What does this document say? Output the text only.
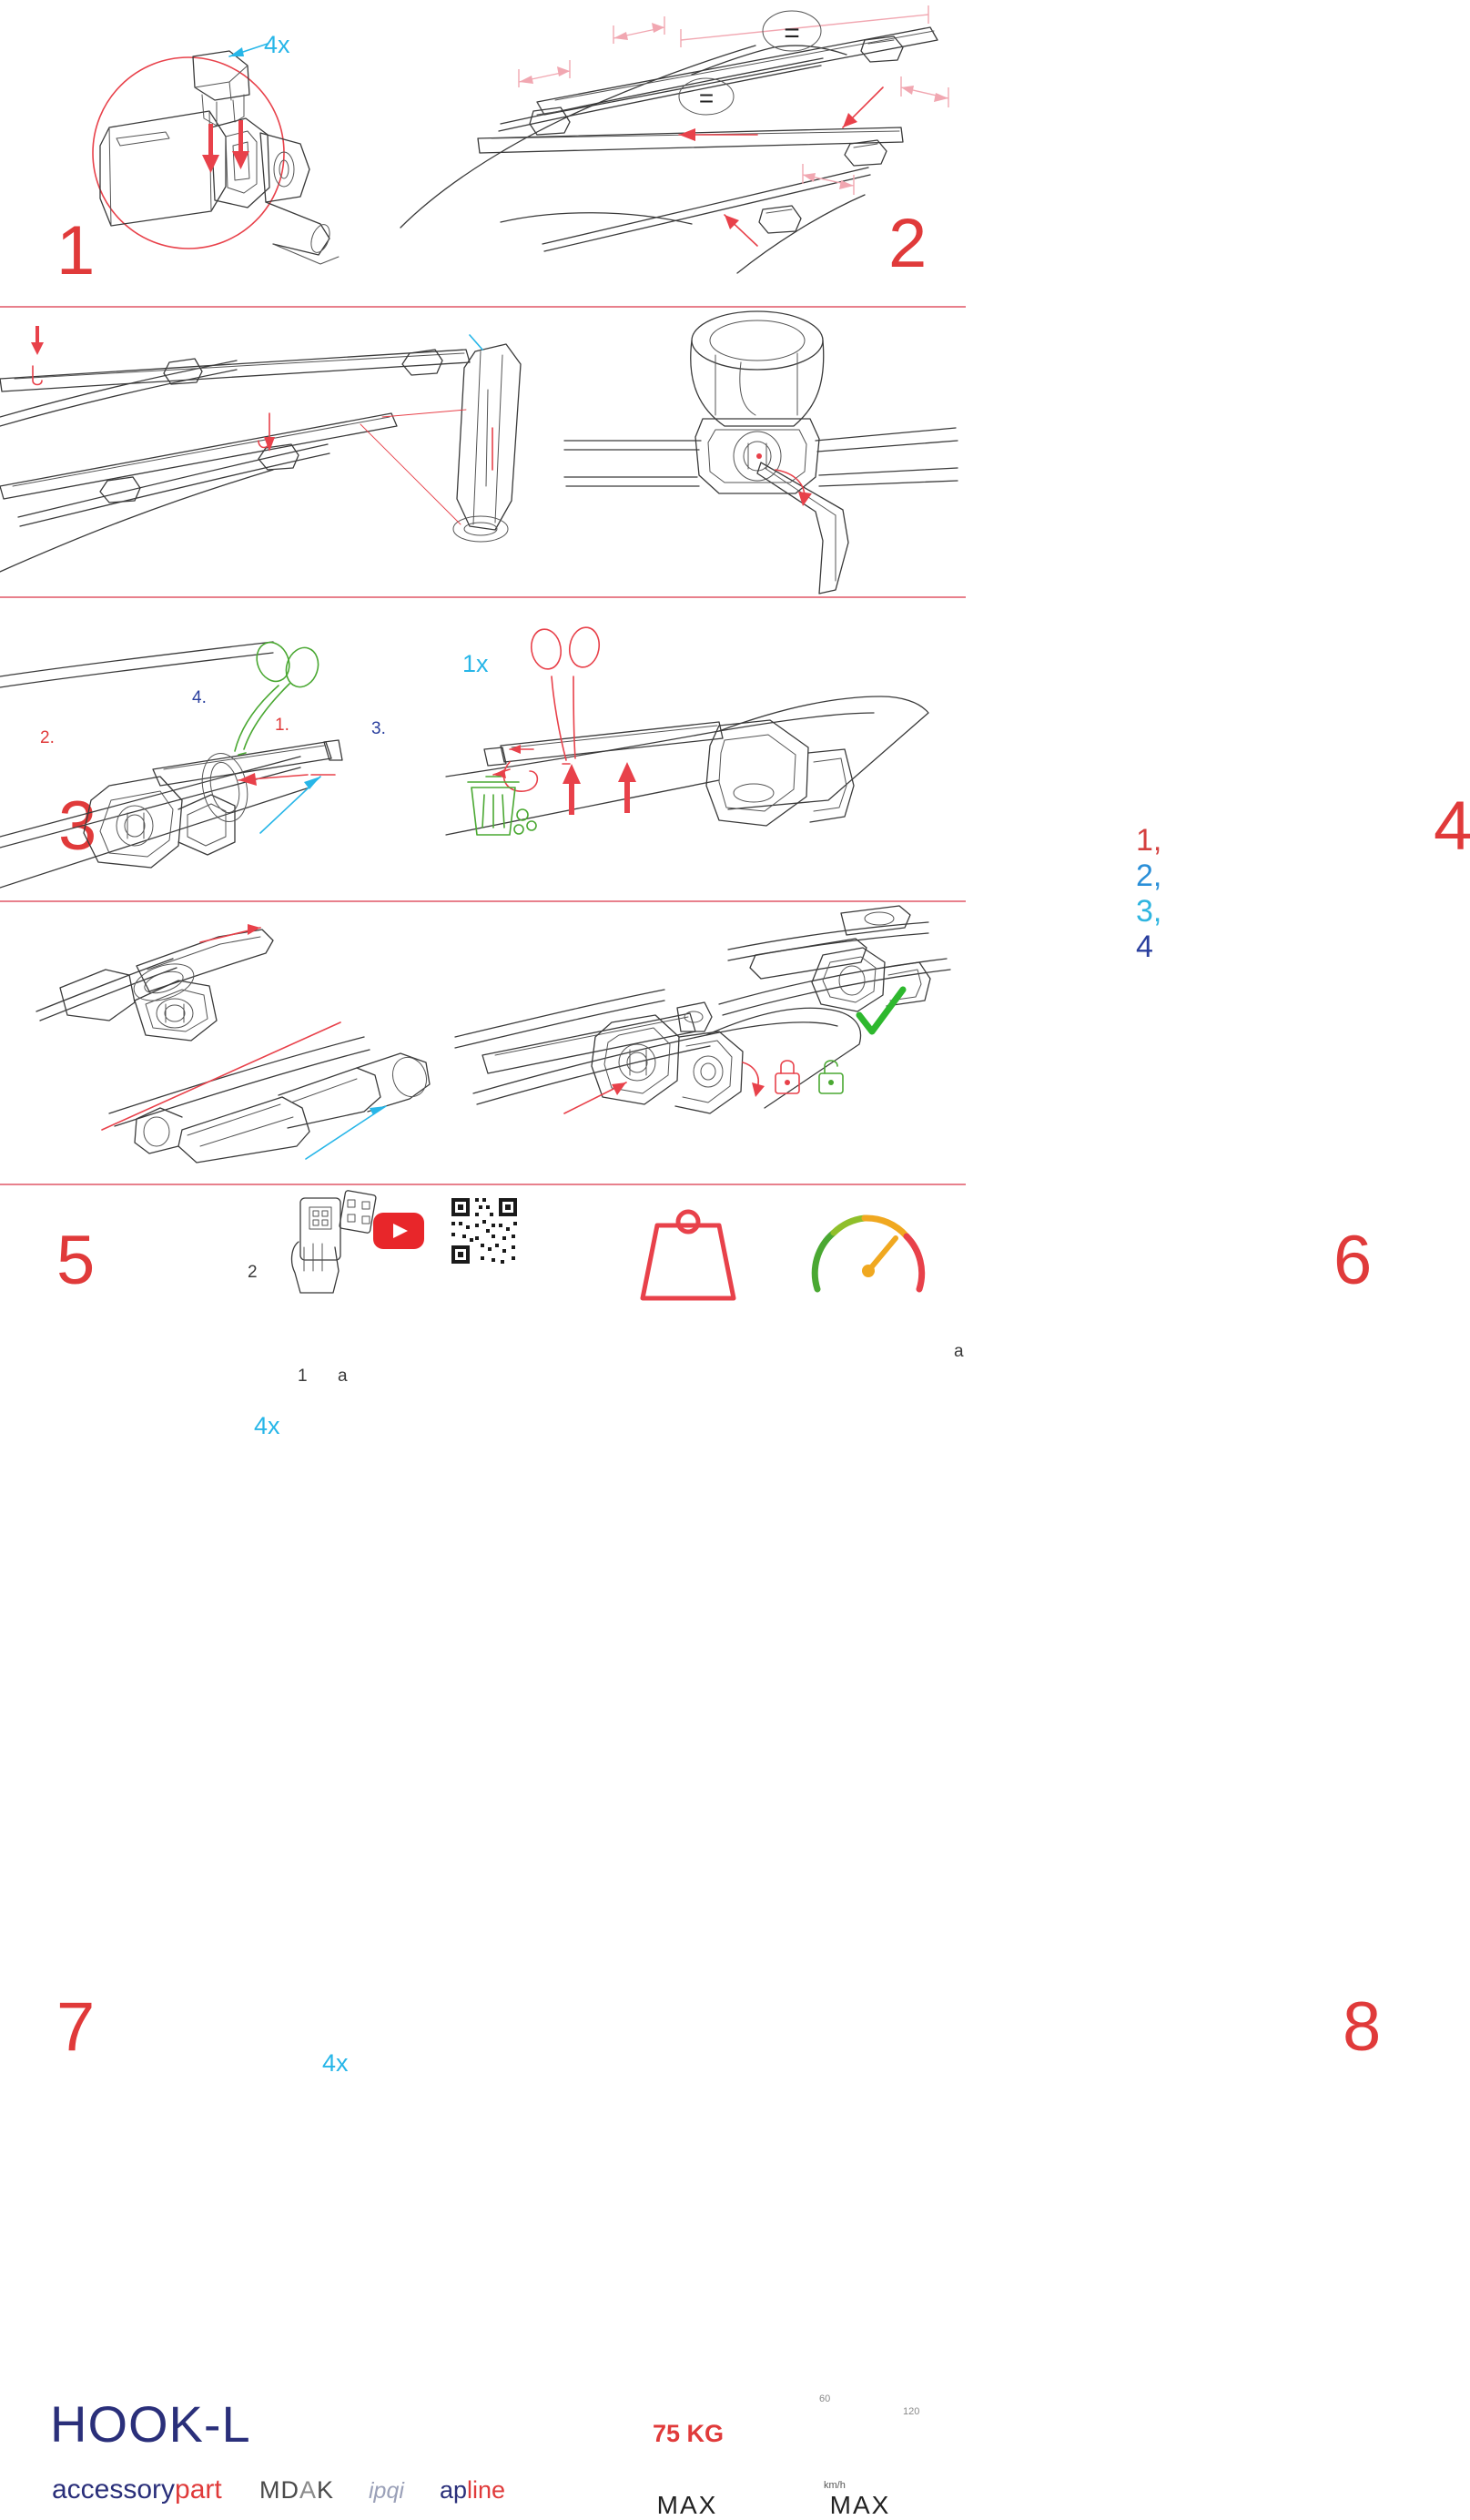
4x
1
=
=
2
1.
2.	3.
4.
1x
3	1, 2, 3, 4
4
2
1 a
4x
5
a
6
4x
7	8
HOOK-L
accessorypart MDAK ipqi apline
75 KG
MAX	MAX
km/h
60
120
